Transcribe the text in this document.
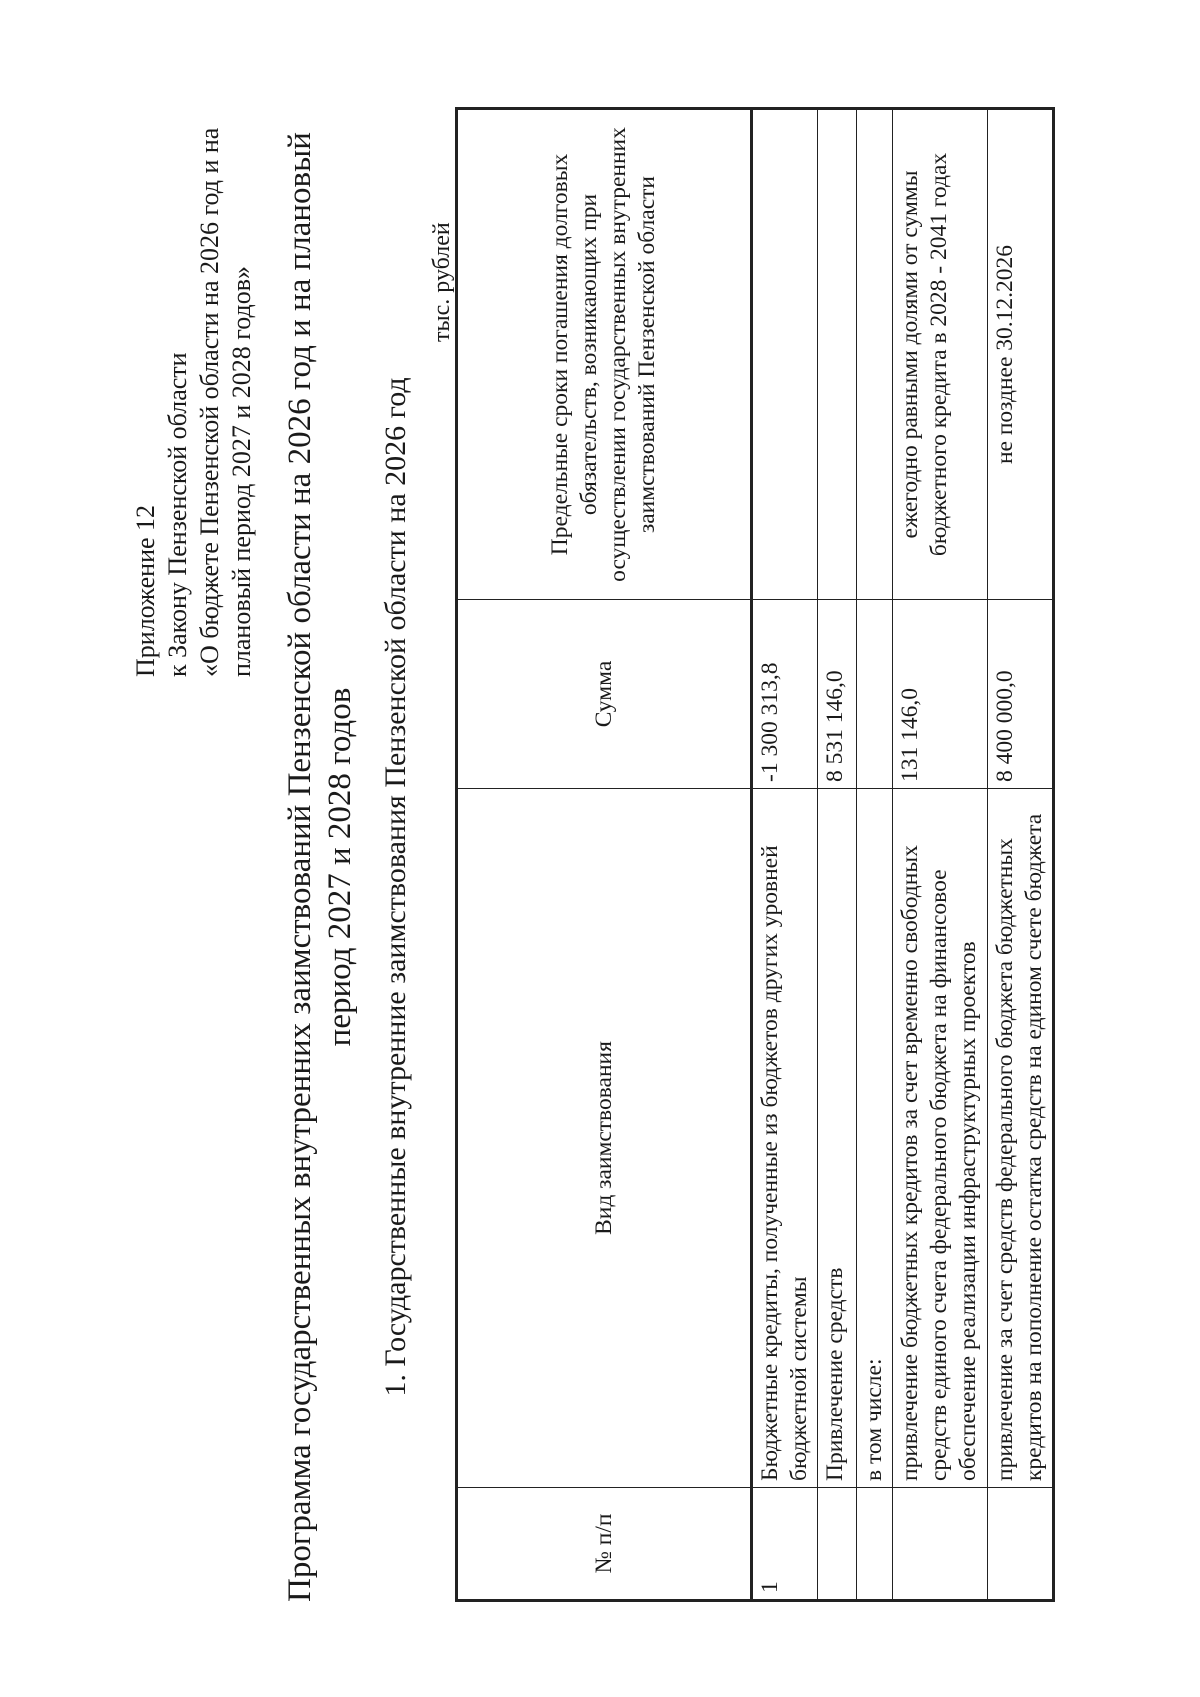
Приложение 12 к Закону Пензенской области «О бюджете Пензенской области на 2026 год и на плановый период 2027 и 2028 годов» Программа государственных внутренних заимствований Пензенской области на 2026 год и на плановый период 2027 и 2028 годов 1. Государственные внутренние заимствования Пензенской области на 2026 год
тыс. рублей
№ п/п	Вид заимствования	Сумма	Предельные сроки погашения долговых обязательств, возникающих при осуществлении государственных внутренних заимствований Пензенской области
1	Бюджетные кредиты, полученные из бюджетов других уровней бюджетной системы	-1 300 313,8	
	Привлечение средств	8 531 146,0	
	в том числе:		
	привлечение бюджетных кредитов за счет временно свободных средств единого счета федерального бюджета на финансовое обеспечение реализации инфраструктурных проектов	131 146,0	ежегодно равными долями от суммы бюджетного кредита в 2028 - 2041 годах
	привлечение за счет средств федерального бюджета бюджетных кредитов на пополнение остатка средств на едином счете бюджета	8 400 000,0	не позднее 30.12.2026
